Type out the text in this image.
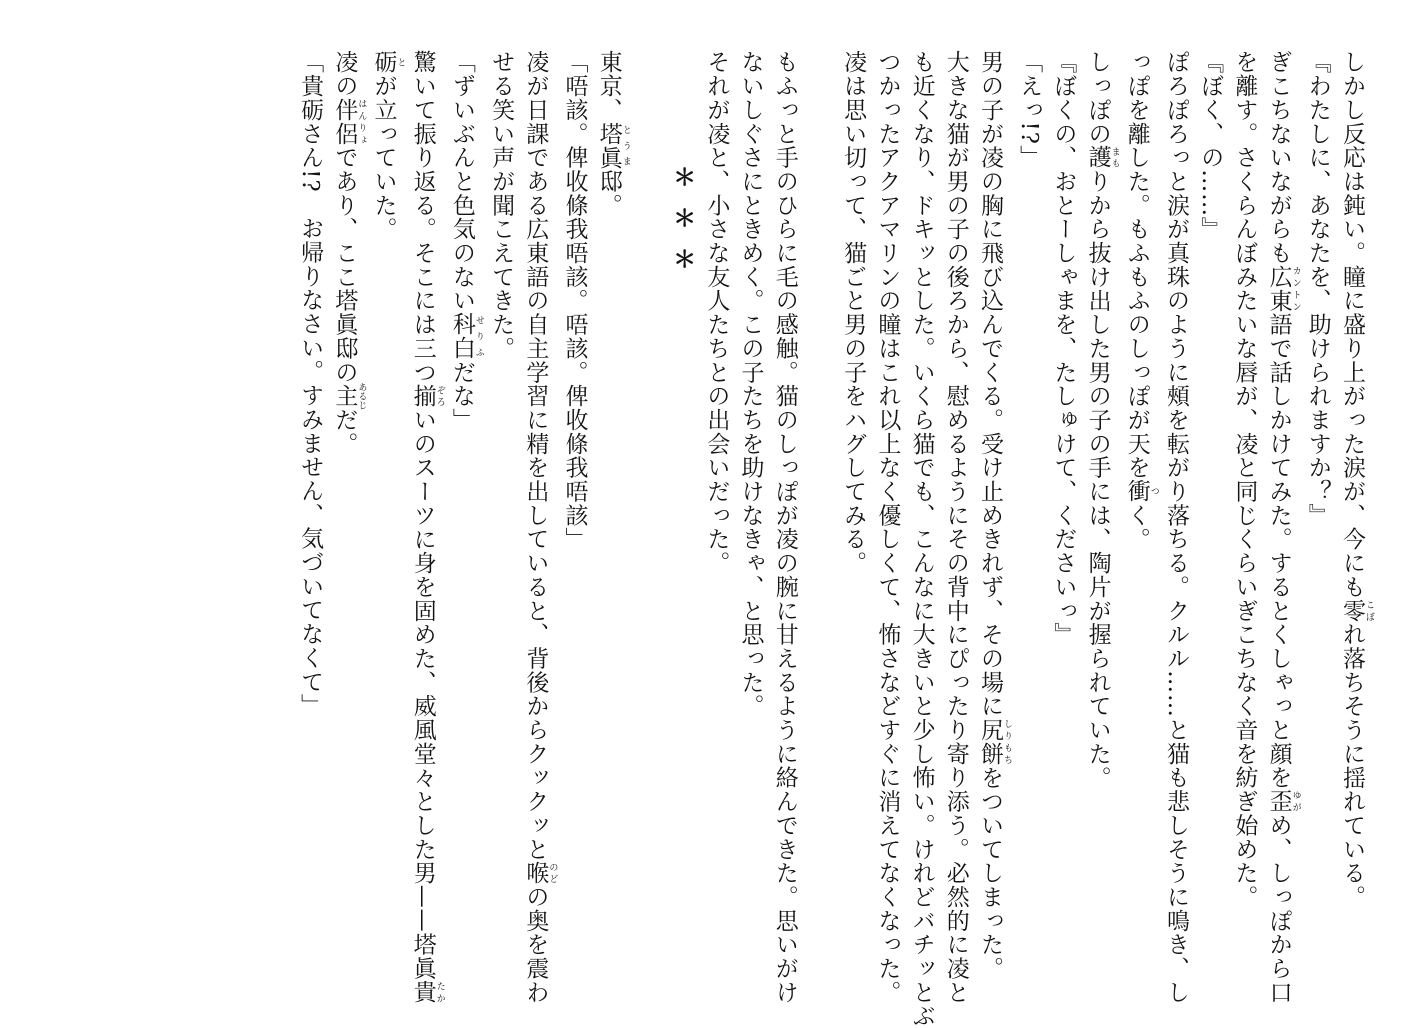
しかし反応は鈍い。瞳に盛り上がった涙が、今にも零 こぼれ落ちそうに揺れている。
『わたしに、あなたを、助けられますか？』
ぎこちないながらも広東 カントン語で話しかけてみた。するとくしゃっと顔を歪 ゆがめ、しっぽから口
を離す。さくらんぼみたいな唇が、凌と同じくらいぎこちなく音を紡ぎ始めた。
『ぼく、の……』
ぽろぽろっと涙が真珠のように頰を転がり落ちる。クルル……と猫も悲しそうに鳴き、し
っぽを離した。もふもふのしっぽが天を衝 つく。
しっぽの護 まもりから抜け出した男の子の手には、陶片が握られていた。
『ぼくの、おとーしゃまを、たしゅけて、くださいっ』
「えっ!?」
男の子が凌の胸に飛び込んでくる。受け止めきれず、その場に尻餅 しりもちをついてしまった。
大きな猫が男の子の後ろから、慰めるようにその背中にぴったり寄り添う。必然的に凌と
も近くなり、ドキッとした。いくら猫でも、こんなに大きいと少し怖い。けれどバチッとぶ
つかったアクアマリンの瞳はこれ以上なく優しくて、怖さなどすぐに消えてなくなった。
凌は思い切って、猫ごと男の子をハグしてみる。
もふっと手のひらに毛の感触。猫のしっぽが凌の腕に甘えるように絡んできた。思いがけ
ないしぐさにときめく。この子たちを助けなきゃ、と思った。
それが凌と、小さな友人たちとの出会いだった。
＊＊＊
東京、塔眞 とうま邸。
「唔該。俾收條我唔該。唔該。俾收條我唔該」
凌が日課である広東語の自主学習に精を出していると、背後からクックッと喉 のどの奥を震わ
せる笑い声が聞こえてきた。
「ずいぶんと色気のない科白 せりふだな」
驚いて振り返る。そこには三つ揃 ぞろいのスーツに身を固めた、威風堂々とした男——塔眞貴 たか
砺 とが立っていた。
凌の伴侶 はんりょであり、ここ塔眞邸の主 あるじだ。
「貴砺さん!?　お帰りなさい。すみません、気づいてなくて」
